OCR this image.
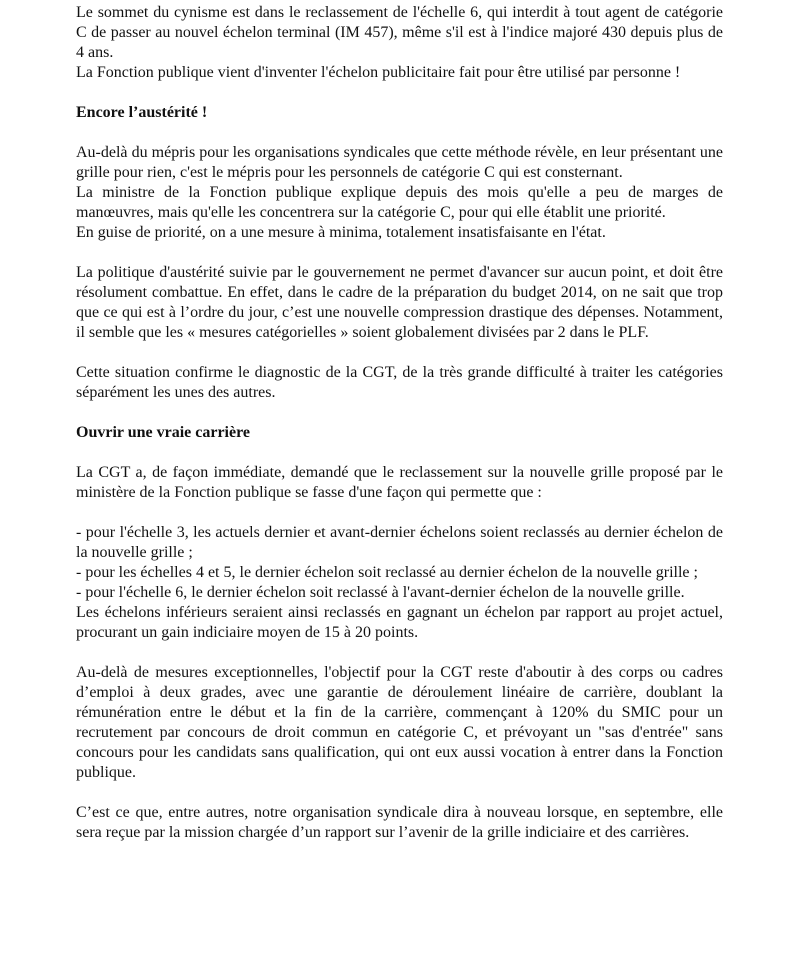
Le sommet du cynisme est dans le reclassement de l'échelle 6, qui interdit à tout agent de catégorie C de passer au nouvel échelon terminal (IM 457), même s'il est à l'indice majoré 430 depuis plus de 4 ans.
La Fonction publique vient d'inventer l'échelon publicitaire fait pour être utilisé par personne !
Encore l’austérité !
Au-delà du mépris pour les organisations syndicales que cette méthode révèle, en leur présentant une grille pour rien, c'est le mépris pour les personnels de catégorie C qui est consternant.
La ministre de la Fonction publique explique depuis des mois qu'elle a peu de marges de manœuvres, mais qu'elle les concentrera sur la catégorie C, pour qui elle établit une priorité.
En guise de priorité, on a une mesure à minima, totalement insatisfaisante en l'état.
La politique d'austérité suivie par le gouvernement ne permet d'avancer sur aucun point, et doit être résolument combattue. En effet, dans le cadre de la préparation du budget 2014, on ne sait que trop que ce qui est à l’ordre du jour, c’est une nouvelle compression drastique des dépenses. Notamment, il semble que les « mesures catégorielles » soient globalement divisées par 2 dans le PLF.
Cette situation confirme le diagnostic de la CGT, de la très grande difficulté à traiter les catégories séparément les unes des autres.
Ouvrir une vraie carrière
La CGT a, de façon immédiate, demandé que le reclassement sur la nouvelle grille proposé par le ministère de la Fonction publique se fasse d'une façon qui permette que :
- pour l'échelle 3, les actuels dernier et avant-dernier échelons soient reclassés au dernier échelon de la nouvelle grille ;
- pour les échelles 4 et 5, le dernier échelon soit reclassé au dernier échelon de la nouvelle grille ;
- pour l'échelle 6, le dernier échelon soit reclassé à l'avant-dernier échelon de la nouvelle grille.
Les échelons inférieurs seraient ainsi reclassés en gagnant un échelon par rapport au projet actuel, procurant un gain indiciaire moyen de 15 à 20 points.
Au-delà de mesures exceptionnelles, l'objectif pour la CGT reste d'aboutir à des corps ou cadres d’emploi à deux grades, avec une garantie de déroulement linéaire de carrière, doublant la rémunération entre le début et la fin de la carrière, commençant à 120% du SMIC pour un recrutement par concours de droit commun en catégorie C, et prévoyant un "sas d'entrée" sans concours pour les candidats sans qualification, qui ont eux aussi vocation à entrer dans la Fonction publique.
C’est ce que, entre autres, notre organisation syndicale dira à nouveau lorsque, en septembre, elle sera reçue par la mission chargée d’un rapport sur l’avenir de la grille indiciaire et des carrières.
